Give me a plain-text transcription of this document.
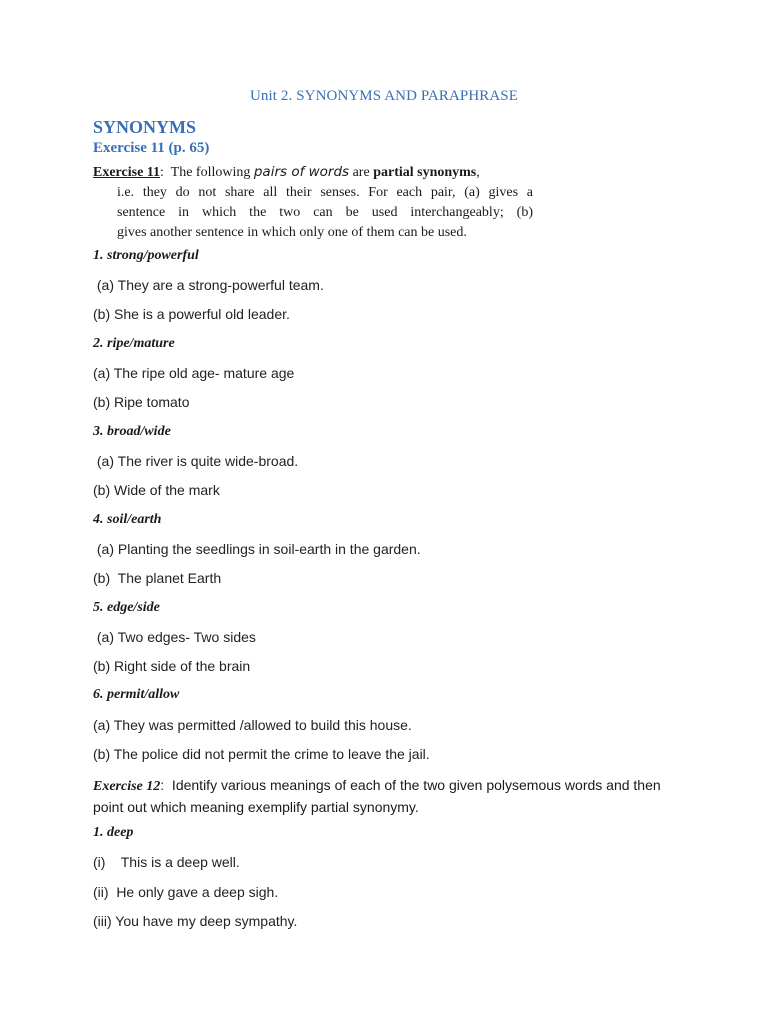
Unit 2. SYNONYMS AND PARAPHRASE
SYNONYMS
Exercise 11 (p. 65)
Exercise 11:  The following pairs of words are partial synonyms,
i.e. they do not share all their senses. For each pair, (a) gives a
sentence in which the two can be used interchangeably; (b)
gives another sentence in which only one of them can be used.
1. strong/powerful
(a) They are a strong-powerful team.
(b) She is a powerful old leader.
2. ripe/mature
(a) The ripe old age- mature age
(b) Ripe tomato
3. broad/wide
(a) The river is quite wide-broad.
(b) Wide of the mark
4. soil/earth
(a) Planting the seedlings in soil-earth in the garden.
(b)  The planet Earth
5. edge/side
(a) Two edges- Two sides
(b) Right side of the brain
6. permit/allow
(a) They was permitted /allowed to build this house.
(b) The police did not permit the crime to leave the jail.
Exercise 12:  Identify various meanings of each of the two given polysemous words and then point out which meaning exemplify partial synonymy.
1. deep
(i)    This is a deep well.
(ii)  He only gave a deep sigh.
(iii) You have my deep sympathy.
